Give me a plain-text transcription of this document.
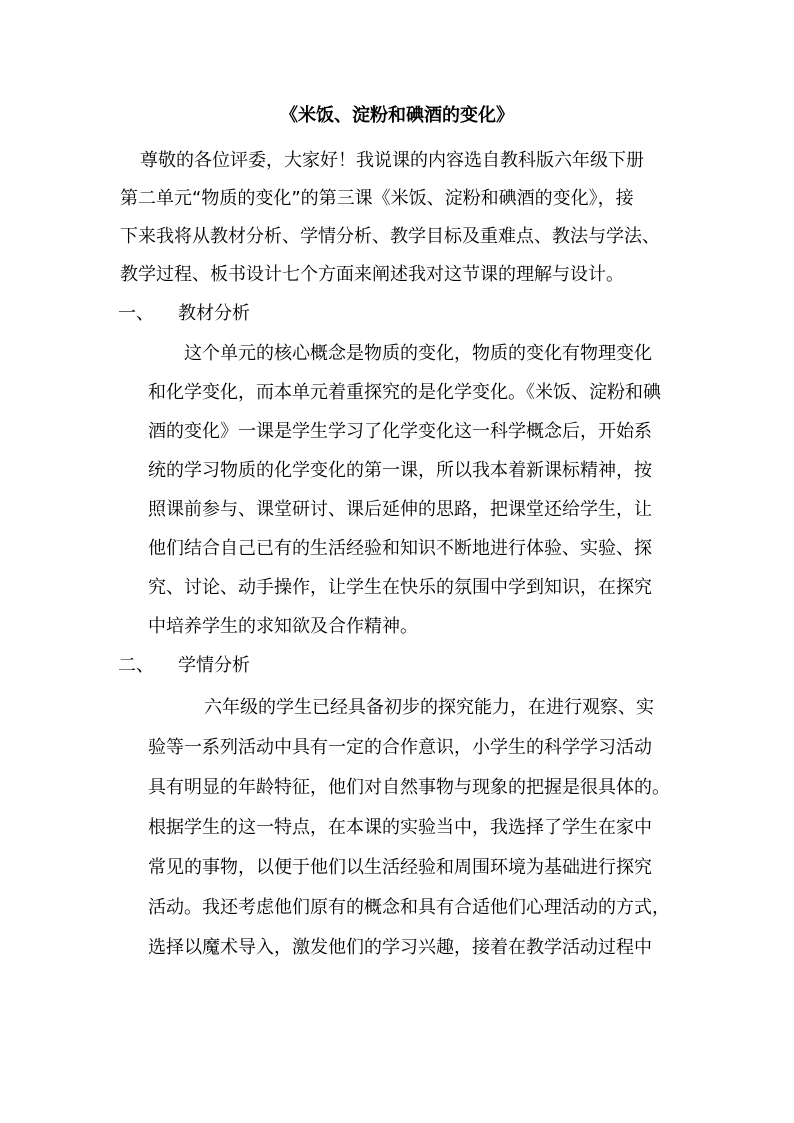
《米饭、淀粉和碘酒的变化》

尊敬的各位评委，大家好！我说课的内容选自教科版六年级下册

第二单元“物质的变化”的第三课《米饭、淀粉和碘酒的变化》，接

下来我将从教材分析、学情分析、教学目标及重难点、教法与学法、

教学过程、板书设计七个方面来阐述我对这节课的理解与设计。

一、 教材分析

这个单元的核心概念是物质的变化，物质的变化有物理变化

和化学变化，而本单元着重探究的是化学变化。《米饭、淀粉和碘

酒的变化》一课是学生学习了化学变化这一科学概念后，开始系

统的学习物质的化学变化的第一课，所以我本着新课标精神，按

照课前参与、课堂研讨、课后延伸的思路，把课堂还给学生，让

他们结合自己已有的生活经验和知识不断地进行体验、实验、探

究、讨论、动手操作，让学生在快乐的氛围中学到知识，在探究

中培养学生的求知欲及合作精神。

二、 学情分析

六年级的学生已经具备初步的探究能力，在进行观察、实

验等一系列活动中具有一定的合作意识，小学生的科学学习活动

具有明显的年龄特征，他们对自然事物与现象的把握是很具体的。

根据学生的这一特点，在本课的实验当中，我选择了学生在家中

常见的事物，以便于他们以生活经验和周围环境为基础进行探究

活动。我还考虑他们原有的概念和具有合适他们心理活动的方式，

选择以魔术导入，激发他们的学习兴趣，接着在教学活动过程中
